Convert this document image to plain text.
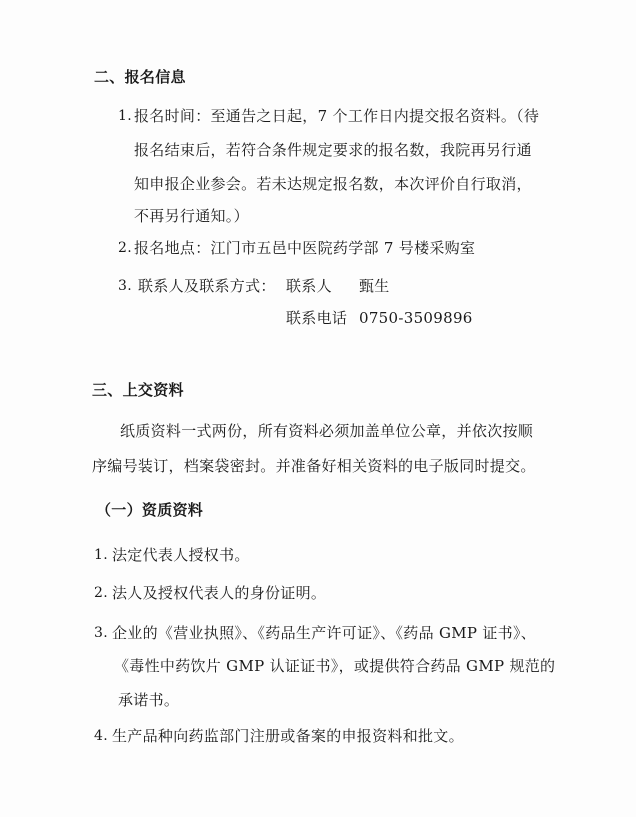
二、报名信息
1. 报名时间：至通告之日起，7 个工作日内提交报名资料。（待
报名结束后，若符合条件规定要求的报名数，我院再另行通
知申报企业参会。若未达规定报名数，本次评价自行取消，
不再另行通知。）
2. 报名地点：江门市五邑中医院药学部 7 号楼采购室
3. 联系人及联系方式： 联系人 甄生
联系电话 0750-3509896
三、上交资料
纸质资料一式两份，所有资料必须加盖单位公章，并依次按顺
序编号装订，档案袋密封。并准备好相关资料的电子版同时提交。
（一）资质资料
1. 法定代表人授权书。
2. 法人及授权代表人的身份证明。
3. 企业的《营业执照》、《药品生产许可证》、《药品 GMP 证书》、
《毒性中药饮片 GMP 认证证书》，或提供符合药品 GMP 规范的
承诺书。
4. 生产品种向药监部门注册或备案的申报资料和批文。
